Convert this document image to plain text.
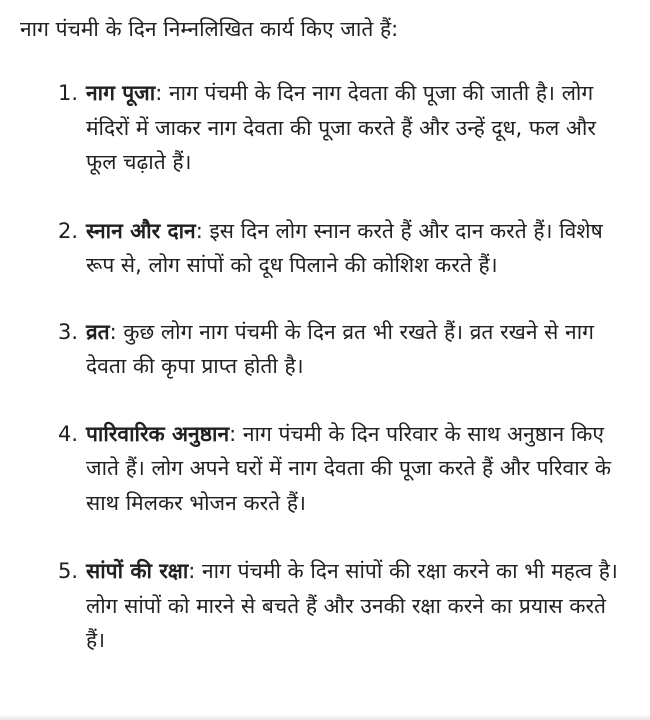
नाग पंचमी के दिन निम्नलिखित कार्य किए जाते हैं:

1. नाग पूजा: नाग पंचमी के दिन नाग देवता की पूजा की जाती है। लोग मंदिरों में जाकर नाग देवता की पूजा करते हैं और उन्हें दूध, फल और फूल चढ़ाते हैं।
2. स्नान और दान: इस दिन लोग स्नान करते हैं और दान करते हैं। विशेष रूप से, लोग सांपों को दूध पिलाने की कोशिश करते हैं।
3. व्रत: कुछ लोग नाग पंचमी के दिन व्रत भी रखते हैं। व्रत रखने से नाग देवता की कृपा प्राप्त होती है।
4. पारिवारिक अनुष्ठान: नाग पंचमी के दिन परिवार के साथ अनुष्ठान किए जाते हैं। लोग अपने घरों में नाग देवता की पूजा करते हैं और परिवार के साथ मिलकर भोजन करते हैं।
5. सांपों की रक्षा: नाग पंचमी के दिन सांपों की रक्षा करने का भी महत्व है। लोग सांपों को मारने से बचते हैं और उनकी रक्षा करने का प्रयास करते हैं।
